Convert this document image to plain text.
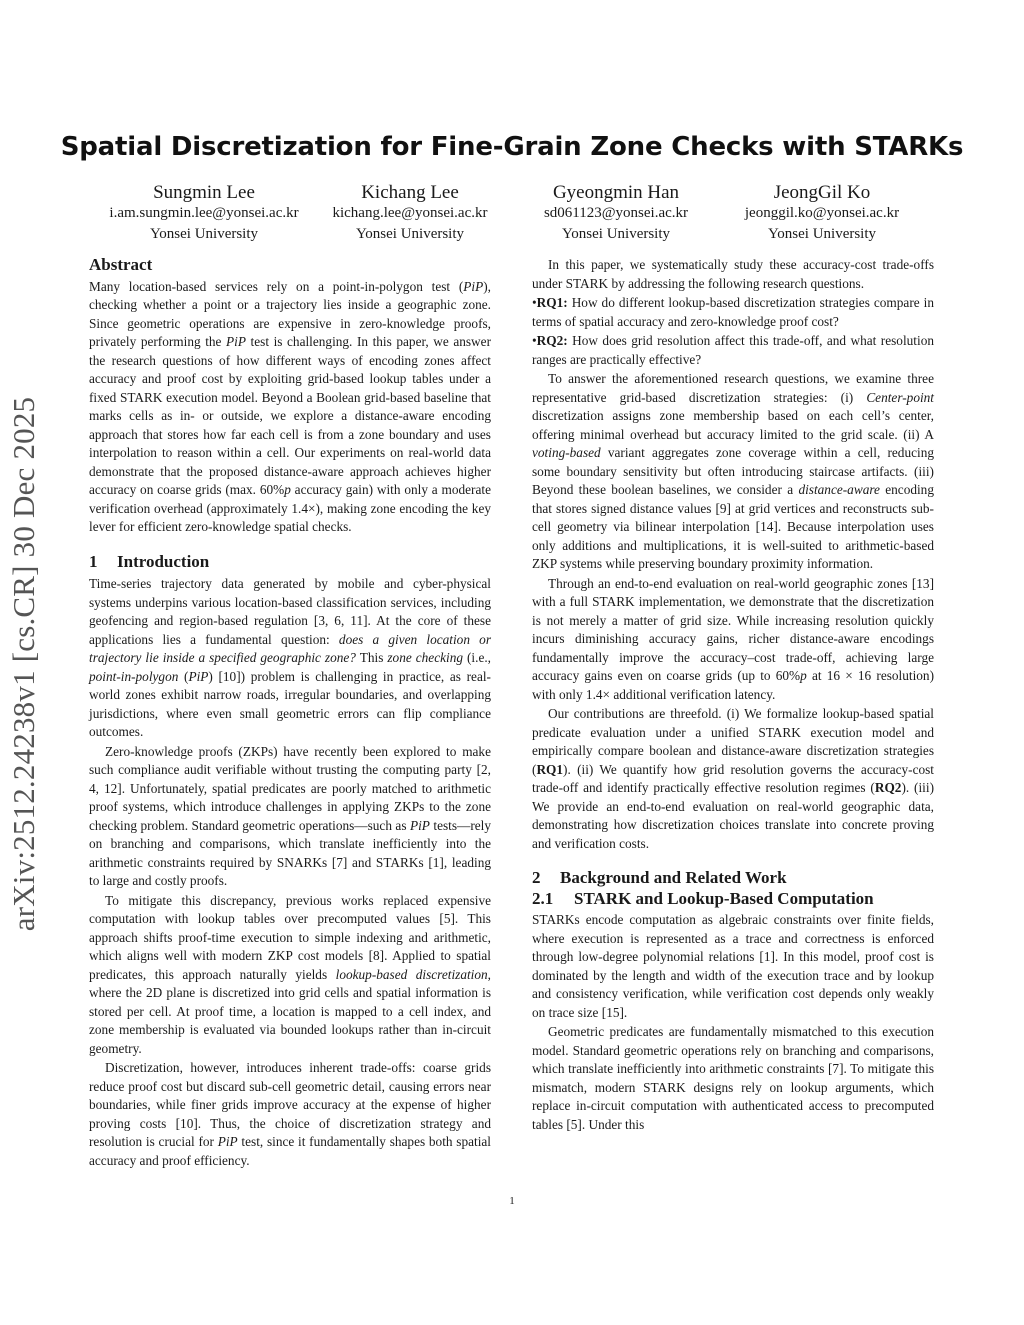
arXiv:2512.24238v1 [cs.CR] 30 Dec 2025
Spatial Discretization for Fine-Grain Zone Checks with STARKs
Sungmin Lee
i.am.sungmin.lee@yonsei.ac.kr
Yonsei University
Kichang Lee
kichang.lee@yonsei.ac.kr
Yonsei University
Gyeongmin Han
sd061123@yonsei.ac.kr
Yonsei University
JeongGil Ko
jeonggil.ko@yonsei.ac.kr
Yonsei University
Abstract

Many location-based services rely on a point-in-polygon test (PiP), checking whether a point or a trajectory lies inside a geographic zone. Since geometric operations are expensive in zero-knowledge proofs, privately performing the PiP test is challenging. In this paper, we answer the research questions of how different ways of encoding zones affect accuracy and proof cost by exploiting grid-based lookup tables under a fixed STARK execution model. Beyond a Boolean grid-based baseline that marks cells as in- or outside, we explore a distance-aware encoding approach that stores how far each cell is from a zone boundary and uses interpolation to reason within a cell. Our experiments on real-world data demonstrate that the proposed distance-aware approach achieves higher accuracy on coarse grids (max. 60%p accuracy gain) with only a moderate verification overhead (approximately 1.4×), making zone encoding the key lever for efficient zero-knowledge spatial checks.

1 Introduction

Time-series trajectory data generated by mobile and cyber-physical systems underpins various location-based classification services, including geofencing and region-based regulation [3, 6, 11]. At the core of these applications lies a fundamental question: does a given location or trajectory lie inside a specified geographic zone? This zone checking (i.e., point-in-polygon (PiP) [10]) problem is challenging in practice, as real-world zones exhibit narrow roads, irregular boundaries, and overlapping jurisdictions, where even small geometric errors can flip compliance outcomes.

Zero-knowledge proofs (ZKPs) have recently been explored to make such compliance audit verifiable without trusting the computing party [2, 4, 12]. Unfortunately, spatial predicates are poorly matched to arithmetic proof systems, which introduce challenges in applying ZKPs to the zone checking problem. Standard geometric operations—such as PiP tests—rely on branching and comparisons, which translate inefficiently into the arithmetic constraints required by SNARKs [7] and STARKs [1], leading to large and costly proofs.

To mitigate this discrepancy, previous works replaced expensive computation with lookup tables over precomputed values [5]. This approach shifts proof-time execution to simple indexing and arithmetic, which aligns well with modern ZKP cost models [8]. Applied to spatial predicates, this approach naturally yields lookup-based discretization, where the 2D plane is discretized into grid cells and spatial information is stored per cell. At proof time, a location is mapped to a cell index, and zone membership is evaluated via bounded lookups rather than in-circuit geometry.

Discretization, however, introduces inherent trade-offs: coarse grids reduce proof cost but discard sub-cell geometric detail, causing errors near boundaries, while finer grids improve accuracy at the expense of higher proving costs [10]. Thus, the choice of discretization strategy and resolution is crucial for PiP test, since it fundamentally shapes both spatial accuracy and proof efficiency.

In this paper, we systematically study these accuracy-cost trade-offs under STARK by addressing the following research questions.

•RQ1: How do different lookup-based discretization strategies compare in terms of spatial accuracy and zero-knowledge proof cost?

•RQ2: How does grid resolution affect this trade-off, and what resolution ranges are practically effective?

To answer the aforementioned research questions, we examine three representative grid-based discretization strategies: (i) Center-point discretization assigns zone membership based on each cell’s center, offering minimal overhead but accuracy limited to the grid scale. (ii) A voting-based variant aggregates zone coverage within a cell, reducing some boundary sensitivity but often introducing staircase artifacts. (iii) Beyond these boolean baselines, we consider a distance-aware encoding that stores signed distance values [9] at grid vertices and reconstructs sub-cell geometry via bilinear interpolation [14]. Because interpolation uses only additions and multiplications, it is well-suited to arithmetic-based ZKP systems while preserving boundary proximity information.

Through an end-to-end evaluation on real-world geographic zones [13] with a full STARK implementation, we demonstrate that the discretization is not merely a matter of grid size. While increasing resolution quickly incurs diminishing accuracy gains, richer distance-aware encodings fundamentally improve the accuracy–cost trade-off, achieving large accuracy gains even on coarse grids (up to 60%p at 16 × 16 resolution) with only 1.4× additional verification latency.

Our contributions are threefold. (i) We formalize lookup-based spatial predicate evaluation under a unified STARK execution model and empirically compare boolean and distance-aware discretization strategies (RQ1). (ii) We quantify how grid resolution governs the accuracy-cost trade-off and identify practically effective resolution regimes (RQ2). (iii) We provide an end-to-end evaluation on real-world geographic data, demonstrating how discretization choices translate into concrete proving and verification costs.

2 Background and Related Work
2.1 STARK and Lookup-Based Computation

STARKs encode computation as algebraic constraints over finite fields, where execution is represented as a trace and correctness is enforced through low-degree polynomial relations [1]. In this model, proof cost is dominated by the length and width of the execution trace and by lookup and consistency verification, while verification cost depends only weakly on trace size [15].

Geometric predicates are fundamentally mismatched to this execution model. Standard geometric operations rely on branching and comparisons, which translate inefficiently into arithmetic constraints [7]. To mitigate this mismatch, modern STARK designs rely on lookup arguments, which replace in-circuit computation with authenticated access to precomputed tables [5]. Under this

1
